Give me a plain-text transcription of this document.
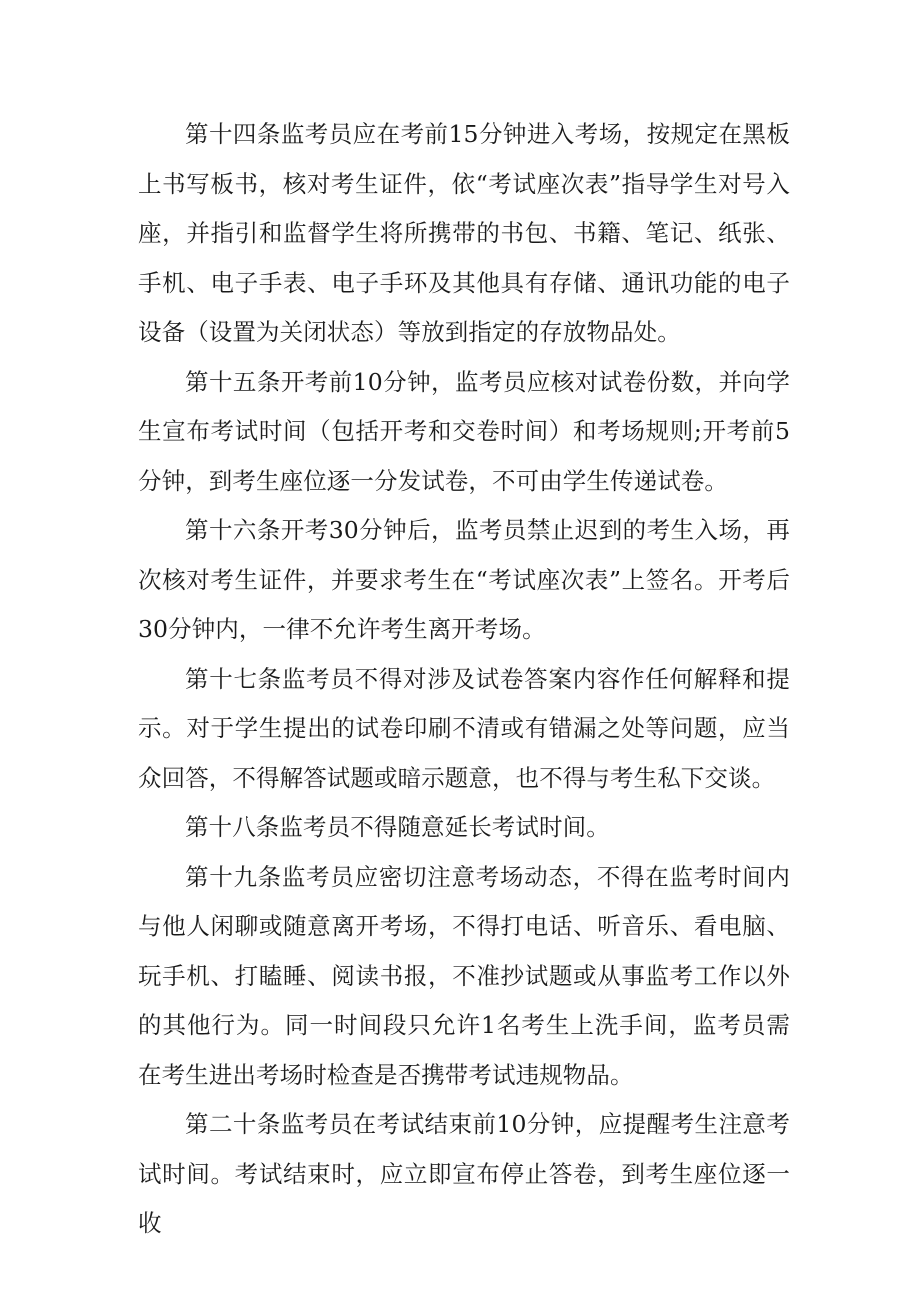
第十四条监考员应在考前15分钟进入考场，按规定在黑板上书写板书，核对考生证件，依“考试座次表”指导学生对号入座，并指引和监督学生将所携带的书包、书籍、笔记、纸张、手机、电子手表、电子手环及其他具有存储、通讯功能的电子设备（设置为关闭状态）等放到指定的存放物品处。

第十五条开考前10分钟，监考员应核对试卷份数，并向学生宣布考试时间（包括开考和交卷时间）和考场规则;开考前5分钟，到考生座位逐一分发试卷，不可由学生传递试卷。

第十六条开考30分钟后，监考员禁止迟到的考生入场，再次核对考生证件，并要求考生在“考试座次表”上签名。开考后30分钟内，一律不允许考生离开考场。

第十七条监考员不得对涉及试卷答案内容作任何解释和提示。对于学生提出的试卷印刷不清或有错漏之处等问题，应当众回答，不得解答试题或暗示题意，也不得与考生私下交谈。

第十八条监考员不得随意延长考试时间。

第十九条监考员应密切注意考场动态，不得在监考时间内与他人闲聊或随意离开考场，不得打电话、听音乐、看电脑、玩手机、打瞌睡、阅读书报，不准抄试题或从事监考工作以外的其他行为。同一时间段只允许1名考生上洗手间，监考员需在考生进出考场时检查是否携带考试违规物品。

第二十条监考员在考试结束前10分钟，应提醒考生注意考试时间。考试结束时，应立即宣布停止答卷，到考生座位逐一收
